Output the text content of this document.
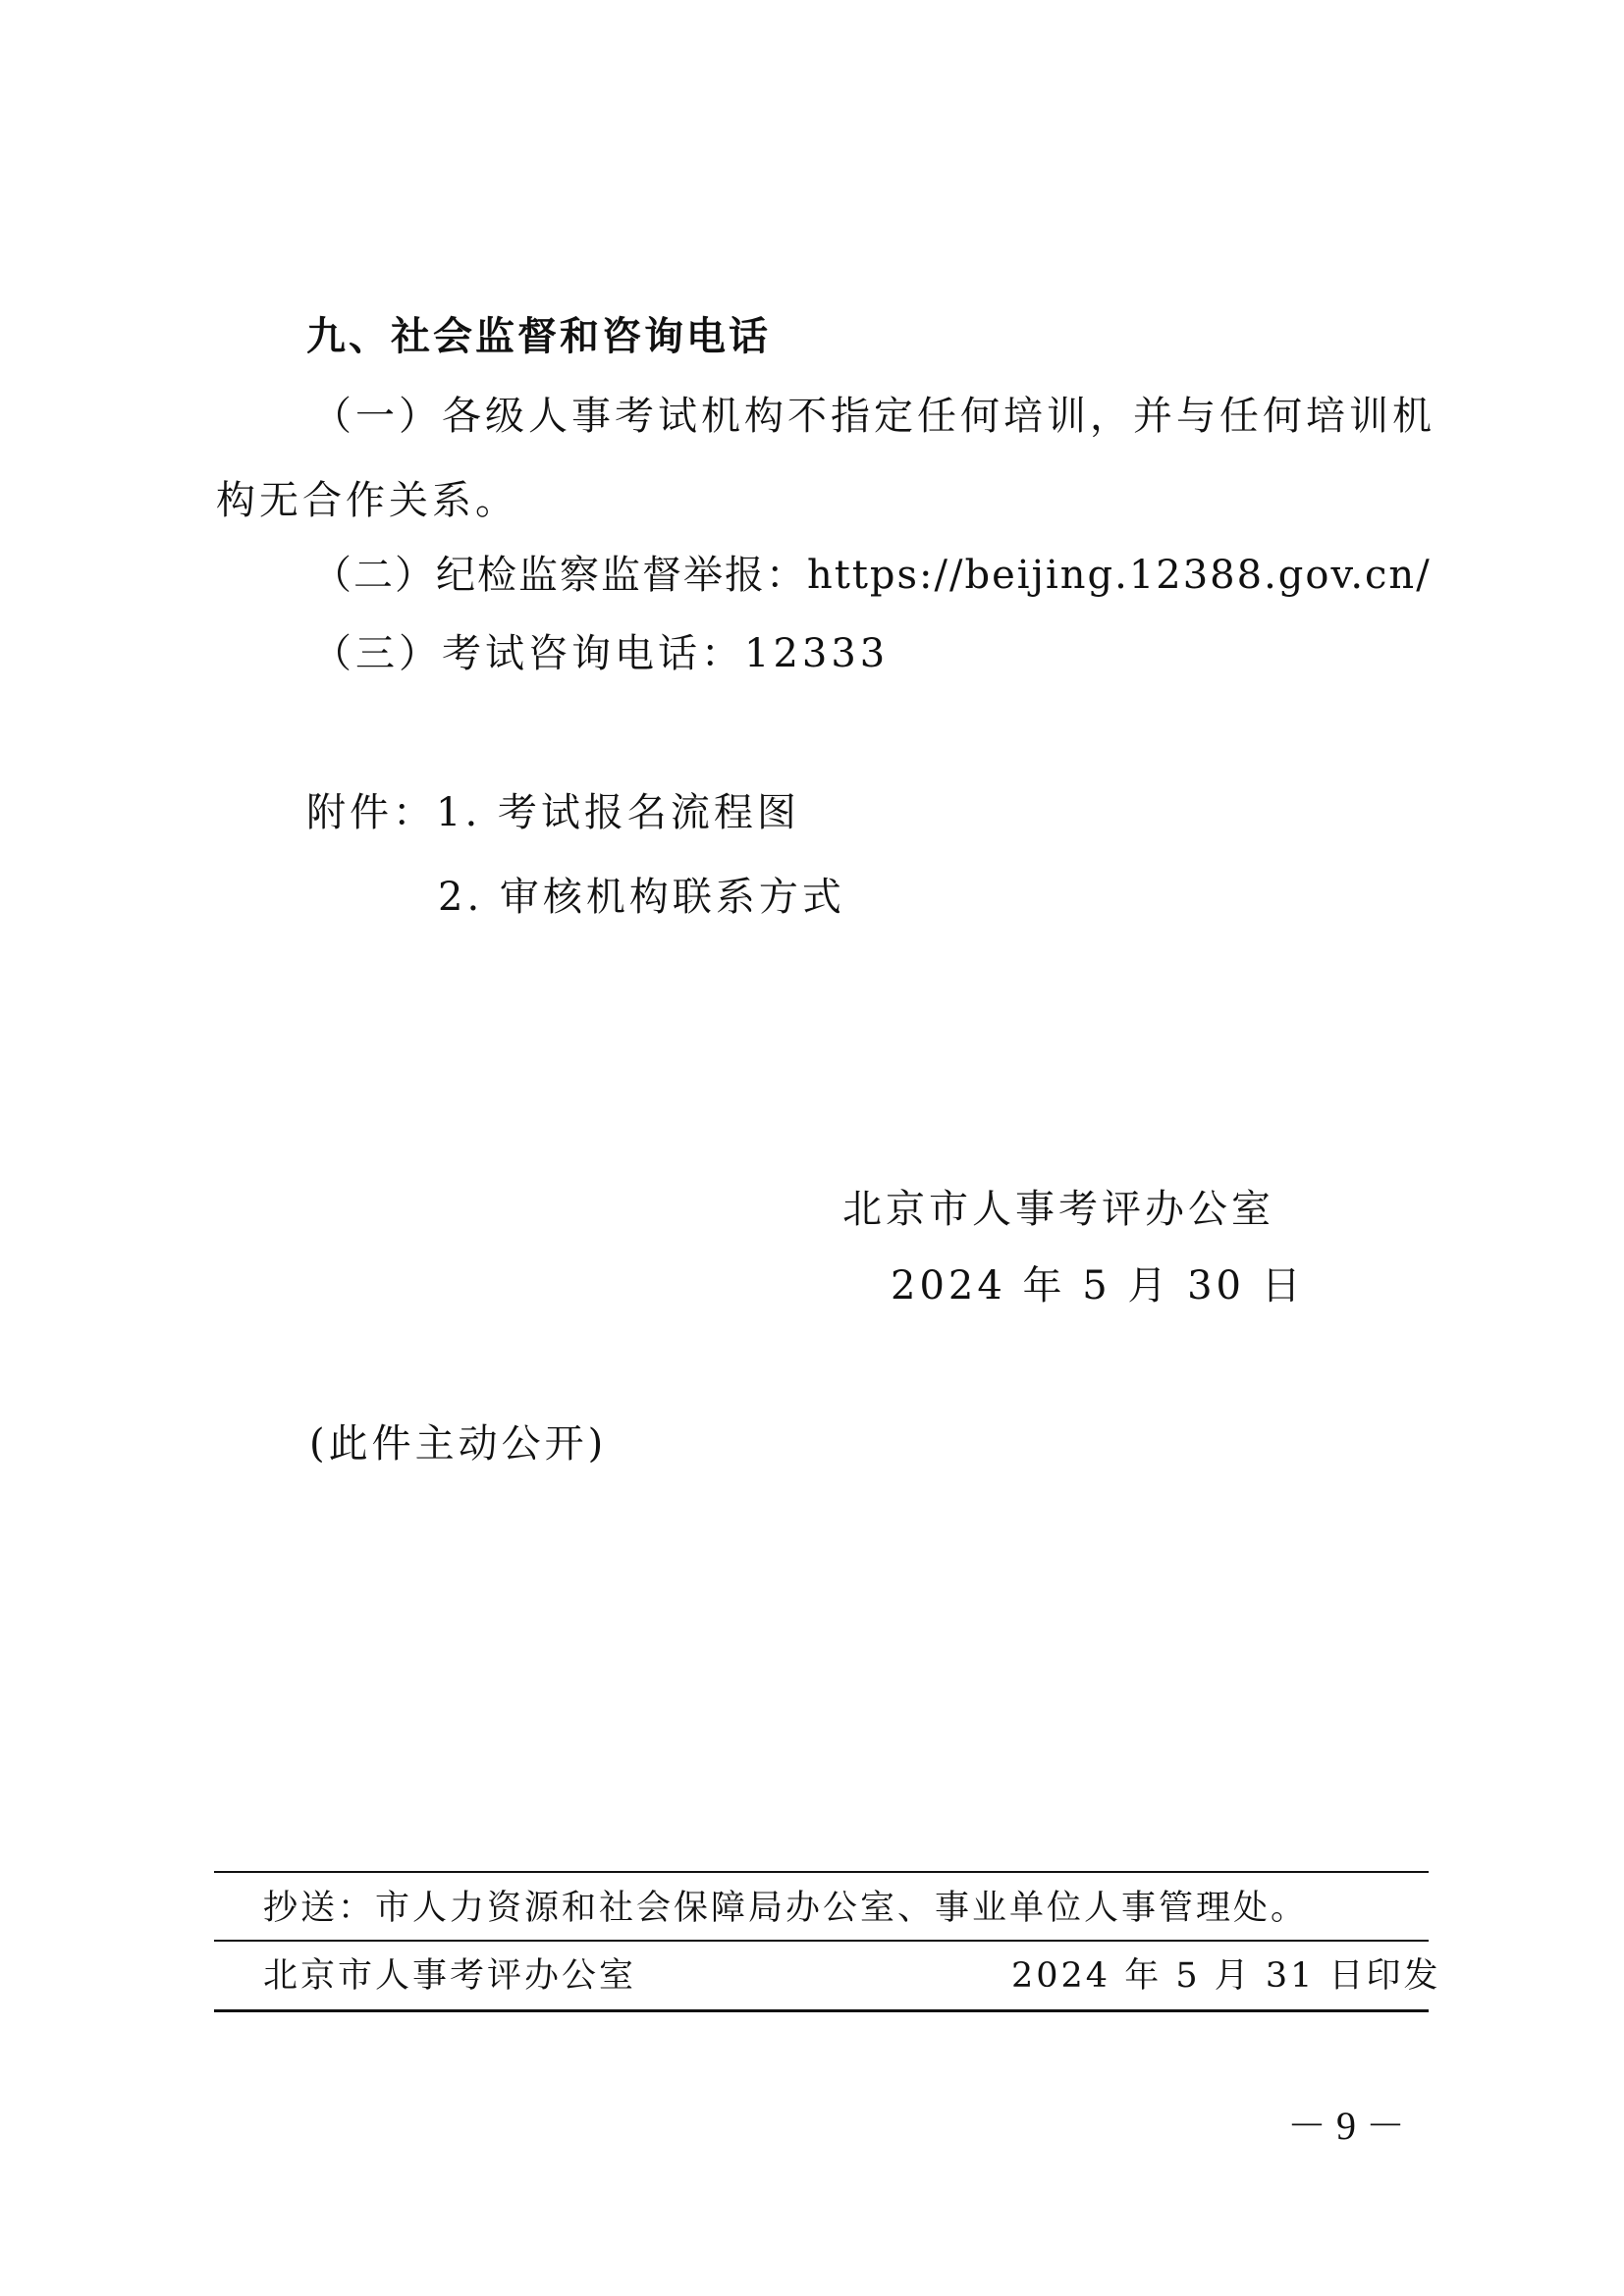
九、社会监督和咨询电话
（一）各级人事考试机构不指定任何培训，并与任何培训机
构无合作关系。
（二）纪检监察监督举报：https://beijing.12388.gov.cn/
（三）考试咨询电话：12333
附件：1. 考试报名流程图
2. 审核机构联系方式
北京市人事考评办公室
2024 年 5 月 30 日
(此件主动公开)
抄送：市人力资源和社会保障局办公室、事业单位人事管理处。
北京市人事考评办公室	2024 年 5 月 31 日印发
－ 9 －
